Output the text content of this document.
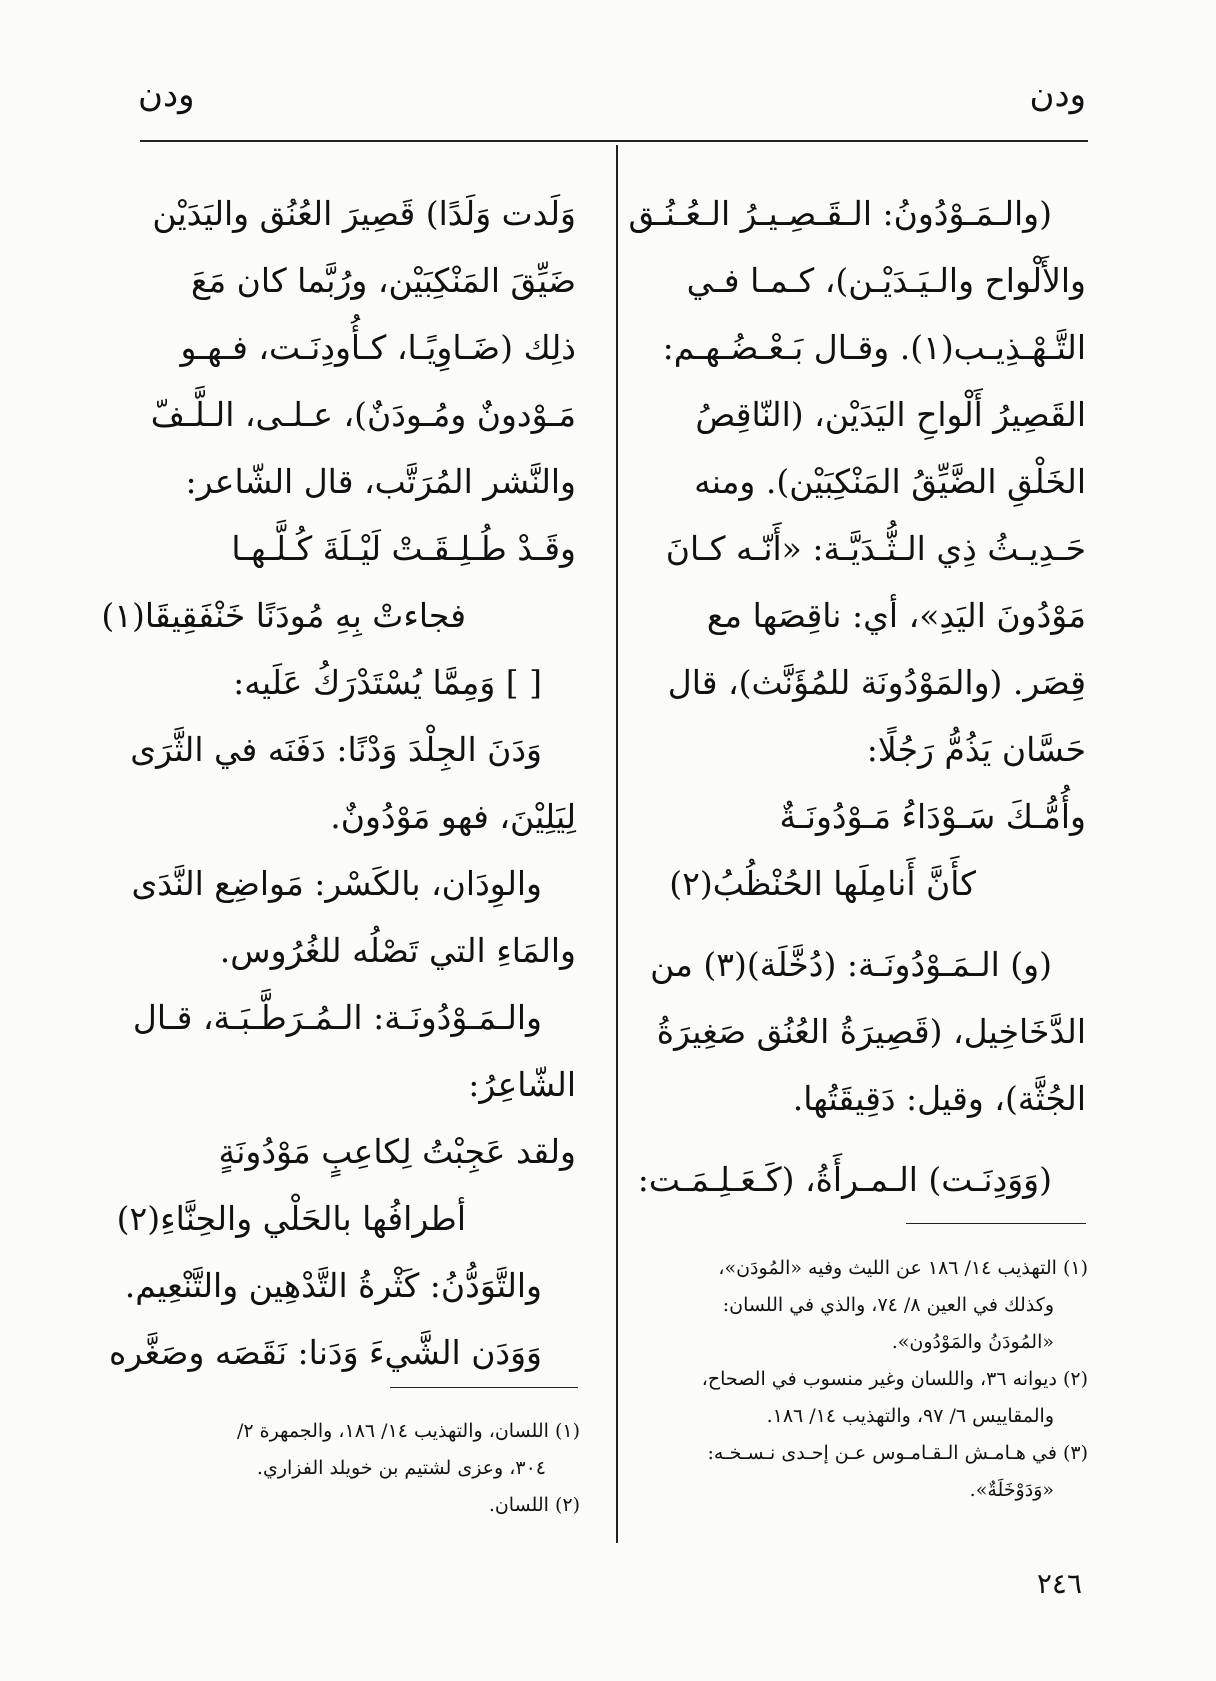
ودن
ودن
(والـمَـوْدُونُ: الـقَـصِـيـرُ الـعُـنُـق
والأَلْواح والـيَـدَيْـن)، كـمـا فـي
التَّـهْـذِيـب(١). وقـال بَـعْـضُـهـم:
القَصِيرُ أَلْواحِ اليَدَيْن، (النّاقِصُ
الخَلْقِ الضَّيِّقُ المَنْكِبَيْن). ومنه
حَـدِيـثُ ذِي الـثُّـدَيَّـة: «أَنّـه كـانَ
مَوْدُونَ اليَدِ»، أي: ناقِصَها مع
قِصَر. (والمَوْدُونَة للمُؤَنَّث)، قال
حَسَّان يَذُمُّ رَجُلًا:
وأُمُّـكَ سَـوْدَاءُ مَـوْدُونَـةٌ
كأَنَّ أَنامِلَها الحُنْظُبُ(٢)
(و) الـمَـوْدُونَـة: (دُخَّلَة)(٣) من
الدَّخَاخِيل، (قَصِيرَةُ العُنُق صَغِيرَةُ
الجُثَّة)، وقيل: دَقِيقَتُها.
(وَوَدِنَـت) الـمـرأَةُ، (كَـعَـلِـمَـت:
وَلَدت وَلَدًا) قَصِيرَ العُنُق واليَدَيْن
ضَيِّقَ المَنْكِبَيْن، ورُبَّما كان مَعَ
ذلِك (ضَـاوِيًـا، كـأُودِنَـت، فـهـو
مَـوْدونٌ ومُـودَنٌ)، عـلـى، الـلَّـفّ
والنَّشر المُرَتَّب، قال الشّاعر:
وقَـدْ طُـلِـقَـتْ لَيْـلَةَ كُـلَّـهـا
فجاءتْ بِهِ مُودَنًا خَنْفَقِيقَا(١)
[ ] وَمِمَّا يُسْتَدْرَكُ عَلَيه:
وَدَنَ الجِلْدَ وَدْنًا: دَفَنَه في الثَّرَى
لِيَلِيْنَ، فهو مَوْدُونٌ.
والوِدَان، بالكَسْر: مَواضِع النَّدَى
والمَاءِ التي تَصْلُه للغُرُوس.
والـمَـوْدُونَـة: الـمُـرَطَّـبَـة، قـال
الشّاعِرُ:
ولقد عَجِبْتُ لِكاعِبٍ مَوْدُونَةٍ
أطرافُها بالحَلْي والحِنَّاءِ(٢)
والتَّوَدُّنُ: كَثْرةُ التَّدْهِين والتَّنْعِيم.
وَوَدَن الشَّيءَ وَدَنا: نَقَصَه وصَغَّره
(١) التهذيب ١٤/ ١٨٦ عن الليث وفيه «المُودَن»،
وكذلك في العين ٨/ ٧٤، والذي في اللسان:
«المُودَنُ والمَوْدُون».
(٢) ديوانه ٣٦، واللسان وغير منسوب في الصحاح،
والمقاييس ٦/ ٩٧، والتهذيب ١٤/ ١٨٦.
(٣) في هـامـش الـقـامـوس عـن إحـدى نـسـخـه:
«وَدَوْخَلَةٌ».
(١) اللسان، والتهذيب ١٤/ ١٨٦، والجمهرة ٢/
٣٠٤، وعزى لشتيم بن خويلد الفزاري.
(٢) اللسان.
٢٤٦
